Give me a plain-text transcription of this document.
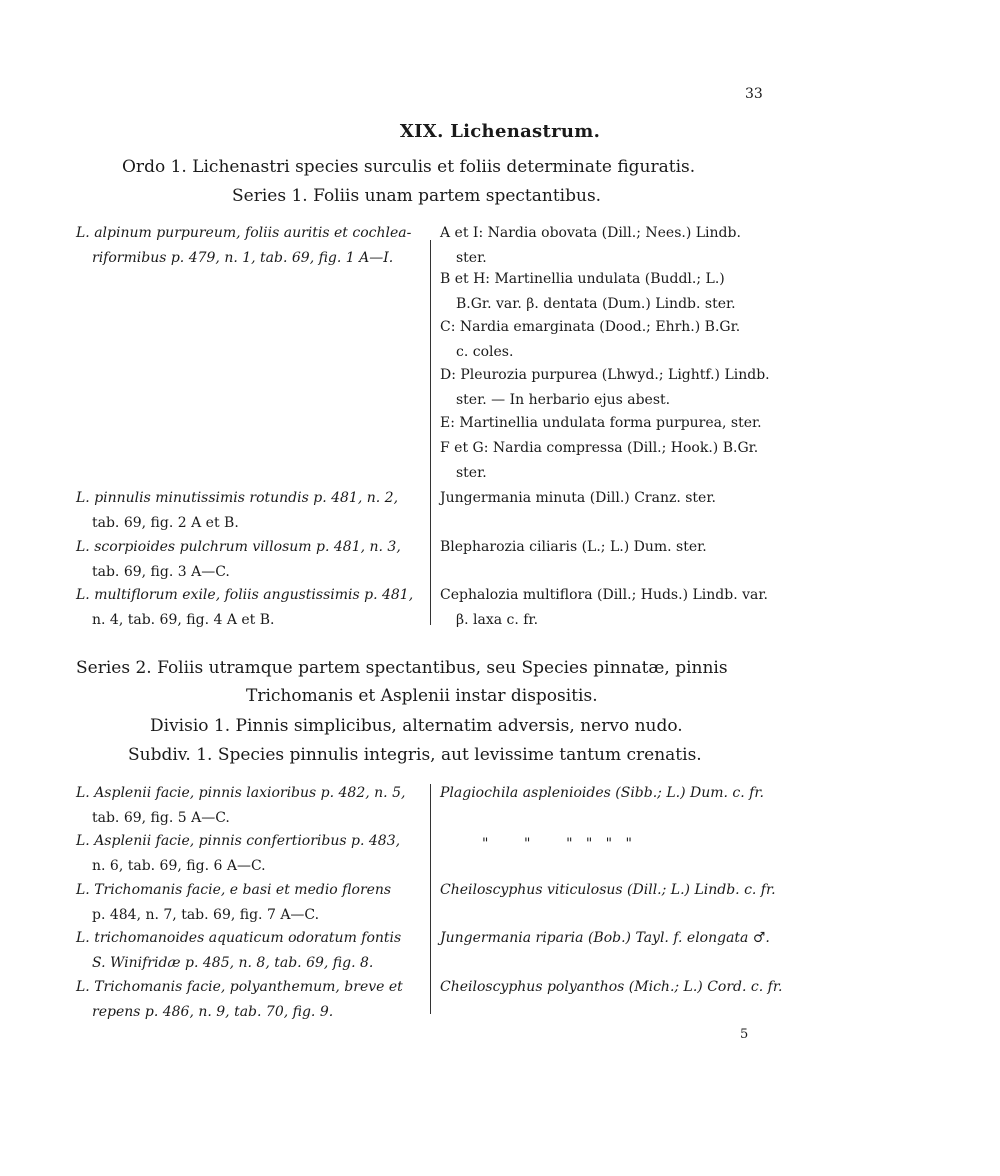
33
XIX. Lichenastrum.
Ordo 1. Lichenastri species surculis et foliis determinate figuratis.
Series 1. Foliis unam partem spectantibus.
L. alpinum purpureum, foliis auritis et cochlea-
riformibus p. 479, n. 1, tab. 69, fig. 1 A—I.
L. pinnulis minutissimis rotundis p. 481, n. 2,
tab. 69, fig. 2 A et B.
L. scorpioides pulchrum villosum p. 481, n. 3,
tab. 69, fig. 3 A—C.
L. multiflorum exile, foliis angustissimis p. 481,
n. 4, tab. 69, fig. 4 A et B.
A et I: Nardia obovata (Dill.; Nees.) Lindb.
ster.
B et H: Martinellia undulata (Buddl.; L.)
B.Gr. var. β. dentata (Dum.) Lindb. ster.
C: Nardia emarginata (Dood.; Ehrh.) B.Gr.
c. coles.
D: Pleurozia purpurea (Lhwyd.; Lightf.) Lindb.
ster. — In herbario ejus abest.
E: Martinellia undulata forma purpurea, ster.
F et G: Nardia compressa (Dill.; Hook.) B.Gr.
ster.
Jungermania minuta (Dill.) Cranz. ster.
Blepharozia ciliaris (L.; L.) Dum. ster.
Cephalozia multiflora (Dill.; Huds.) Lindb. var.
β. laxa c. fr.
Series 2. Foliis utramque partem spectantibus, seu Species pinnatæ, pinnis
Trichomanis et Asplenii instar dispositis.
Divisio 1. Pinnis simplicibus, alternatim adversis, nervo nudo.
Subdiv. 1. Species pinnulis integris, aut levissime tantum crenatis.
L. Asplenii facie, pinnis laxioribus p. 482, n. 5,
tab. 69, fig. 5 A—C.
L. Asplenii facie, pinnis confertioribus p. 483,
n. 6, tab. 69, fig. 6 A—C.
L. Trichomanis facie, e basi et medio florens
p. 484, n. 7, tab. 69, fig. 7 A—C.
L. trichomanoides aquaticum odoratum fontis
S. Winifridæ p. 485, n. 8, tab. 69, fig. 8.
L. Trichomanis facie, polyanthemum, breve et
repens p. 486, n. 9, tab. 70, fig. 9.
Plagiochila asplenioides (Sibb.; L.) Dum. c. fr.
"        "        "   "   "   "
Cheiloscyphus viticulosus (Dill.; L.) Lindb. c. fr.
Jungermania riparia (Bob.) Tayl. f. elongata ♂.
Cheiloscyphus polyanthos (Mich.; L.) Cord. c. fr.
5
